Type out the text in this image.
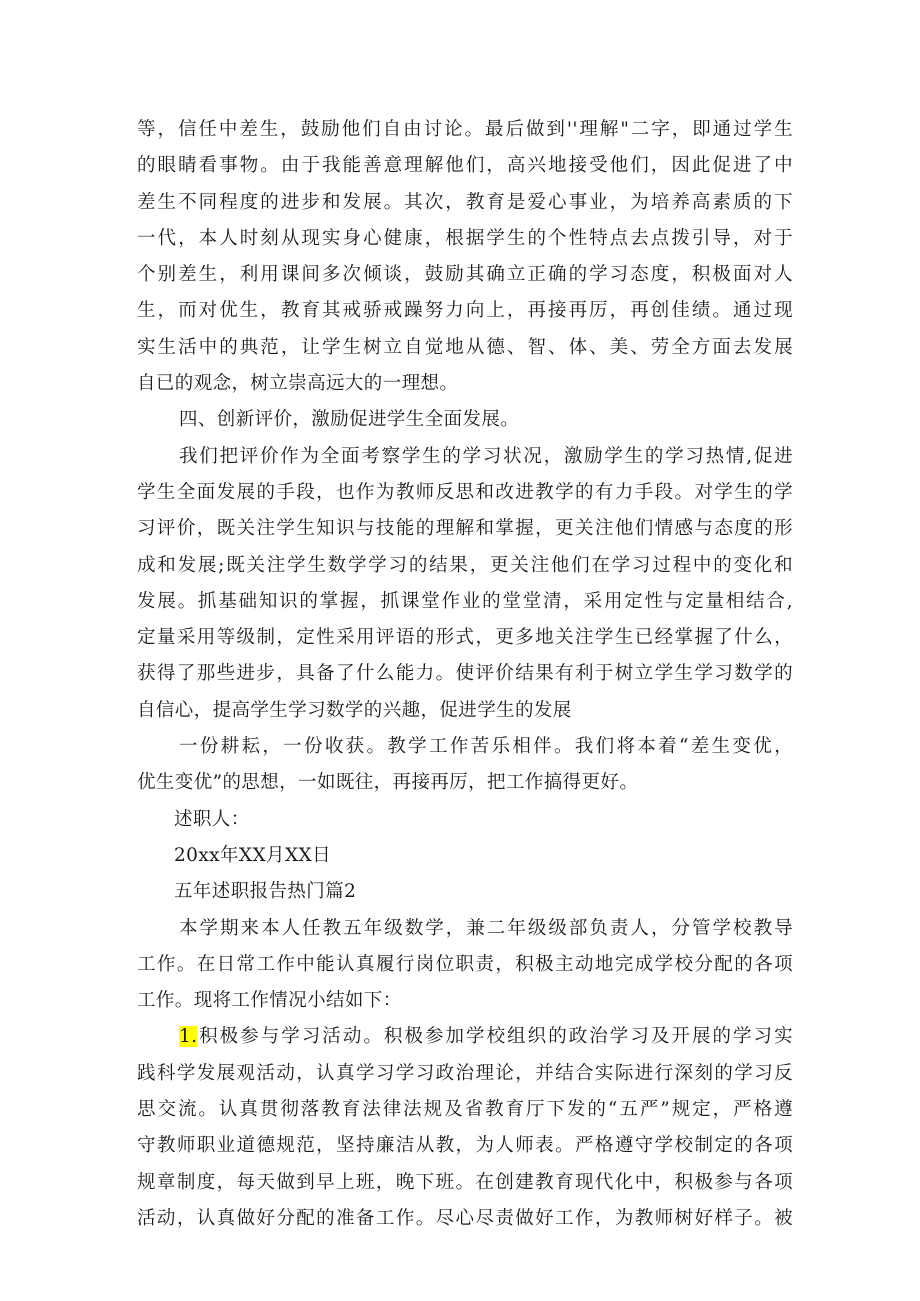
等，信任中差生，鼓励他们自由讨论。最后做到''理解"二字，即通过学生
的眼睛看事物。由于我能善意理解他们，高兴地接受他们，因此促进了中
差生不同程度的进步和发展。其次，教育是爱心事业，为培养高素质的下
一代，本人时刻从现实身心健康，根据学生的个性特点去点拨引导，对于
个别差生，利用课间多次倾谈，鼓励其确立正确的学习态度，积极面对人
生，而对优生，教育其戒骄戒躁努力向上，再接再厉，再创佳绩。通过现
实生活中的典范，让学生树立自觉地从德、智、体、美、劳全方面去发展
自已的观念，树立崇高远大的一理想。
四、创新评价，激励促进学生全面发展。
我们把评价作为全面考察学生的学习状况，激励学生的学习热情,促进
学生全面发展的手段，也作为教师反思和改进教学的有力手段。对学生的学
习评价，既关注学生知识与技能的理解和掌握，更关注他们情感与态度的形
成和发展;既关注学生数学学习的结果，更关注他们在学习过程中的变化和
发展。抓基础知识的掌握，抓课堂作业的堂堂清，采用定性与定量相结合,
定量采用等级制，定性采用评语的形式，更多地关注学生已经掌握了什么，
获得了那些进步，具备了什么能力。使评价结果有利于树立学生学习数学的
自信心，提高学生学习数学的兴趣，促进学生的发展
一份耕耘，一份收获。教学工作苦乐相伴。我们将本着“差生变优，
优生变优”的思想，一如既往，再接再厉，把工作搞得更好。
述职人：
20xx年XX月XX日
五年述职报告热门篇2
本学期来本人任教五年级数学，兼二年级级部负责人，分管学校教导
工作。在日常工作中能认真履行岗位职责，积极主动地完成学校分配的各项
工作。现将工作情况小结如下：
1.积极参与学习活动。积极参加学校组织的政治学习及开展的学习实
践科学发展观活动，认真学习学习政治理论，并结合实际进行深刻的学习反
思交流。认真贯彻落教育法律法规及省教育厅下发的“五严”规定，严格遵
守教师职业道德规范，坚持廉洁从教，为人师表。严格遵守学校制定的各项
规章制度，每天做到早上班，晚下班。在创建教育现代化中，积极参与各项
活动，认真做好分配的准备工作。尽心尽责做好工作，为教师树好样子。被
